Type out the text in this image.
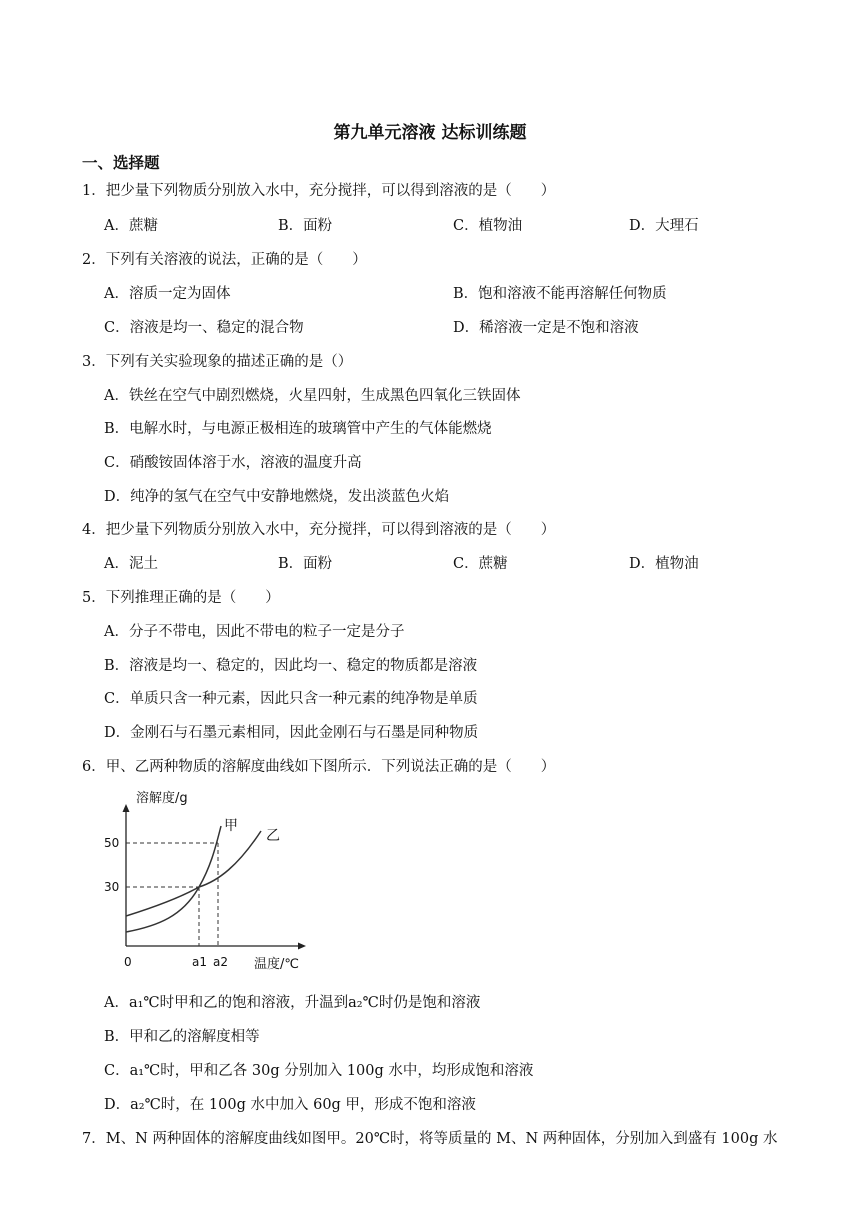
第九单元溶液 达标训练题
一、选择题
1．把少量下列物质分别放入水中，充分搅拌，可以得到溶液的是（　　）
A．蔗糖	B．面粉	C．植物油	D．大理石
2．下列有关溶液的说法，正确的是（　　）
A．溶质一定为固体	B．饱和溶液不能再溶解任何物质
C．溶液是均一、稳定的混合物	D．稀溶液一定是不饱和溶液
3．下列有关实验现象的描述正确的是（）
A．铁丝在空气中剧烈燃烧，火星四射，生成黑色四氧化三铁固体
B．电解水时，与电源正极相连的玻璃管中产生的气体能燃烧
C．硝酸铵固体溶于水，溶液的温度升高
D．纯净的氢气在空气中安静地燃烧，发出淡蓝色火焰
4．把少量下列物质分别放入水中，充分搅拌，可以得到溶液的是（　　）
A．泥土	B．面粉	C．蔗糖	D．植物油
5．下列推理正确的是（　　）
A．分子不带电，因此不带电的粒子一定是分子
B．溶液是均一、稳定的，因此均一、稳定的物质都是溶液
C．单质只含一种元素，因此只含一种元素的纯净物是单质
D．金刚石与石墨元素相同，因此金刚石与石墨是同种物质
6．甲、乙两种物质的溶解度曲线如下图所示．下列说法正确的是（　　）
溶解度/g
温度/℃
50
30
0	a1 a2
甲
乙
A．a₁℃时甲和乙的饱和溶液，升温到a₂℃时仍是饱和溶液
B．甲和乙的溶解度相等
C．a₁℃时，甲和乙各 30g 分别加入 100g 水中，均形成饱和溶液
D．a₂℃时，在 100g 水中加入 60g 甲，形成不饱和溶液
7．M、N 两种固体的溶解度曲线如图甲。20℃时，将等质量的 M、N 两种固体，分别加入到盛有 100g 水
